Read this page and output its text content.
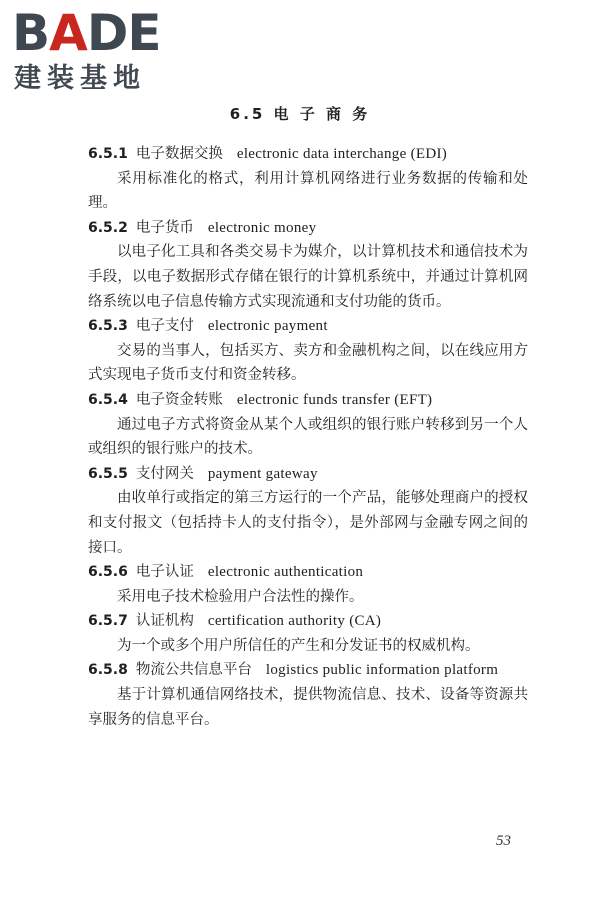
BADE
建装基地
6.5 电 子 商 务
6.5.1 电子数据交换 electronic data interchange (EDI)
采用标准化的格式，利用计算机网络进行业务数据的传输和处理。
6.5.2 电子货币 electronic money
以电子化工具和各类交易卡为媒介，以计算机技术和通信技术为手段，以电子数据形式存储在银行的计算机系统中，并通过计算机网络系统以电子信息传输方式实现流通和支付功能的货币。
6.5.3 电子支付 electronic payment
交易的当事人，包括买方、卖方和金融机构之间，以在线应用方式实现电子货币支付和资金转移。
6.5.4 电子资金转账 electronic funds transfer (EFT)
通过电子方式将资金从某个人或组织的银行账户转移到另一个人或组织的银行账户的技术。
6.5.5 支付网关 payment gateway
由收单行或指定的第三方运行的一个产品，能够处理商户的授权和支付报文（包括持卡人的支付指令），是外部网与金融专网之间的接口。
6.5.6 电子认证 electronic authentication
采用电子技术检验用户合法性的操作。
6.5.7 认证机构 certification authority (CA)
为一个或多个用户所信任的产生和分发证书的权威机构。
6.5.8 物流公共信息平台 logistics public information platform
基于计算机通信网络技术，提供物流信息、技术、设备等资源共享服务的信息平台。
53
